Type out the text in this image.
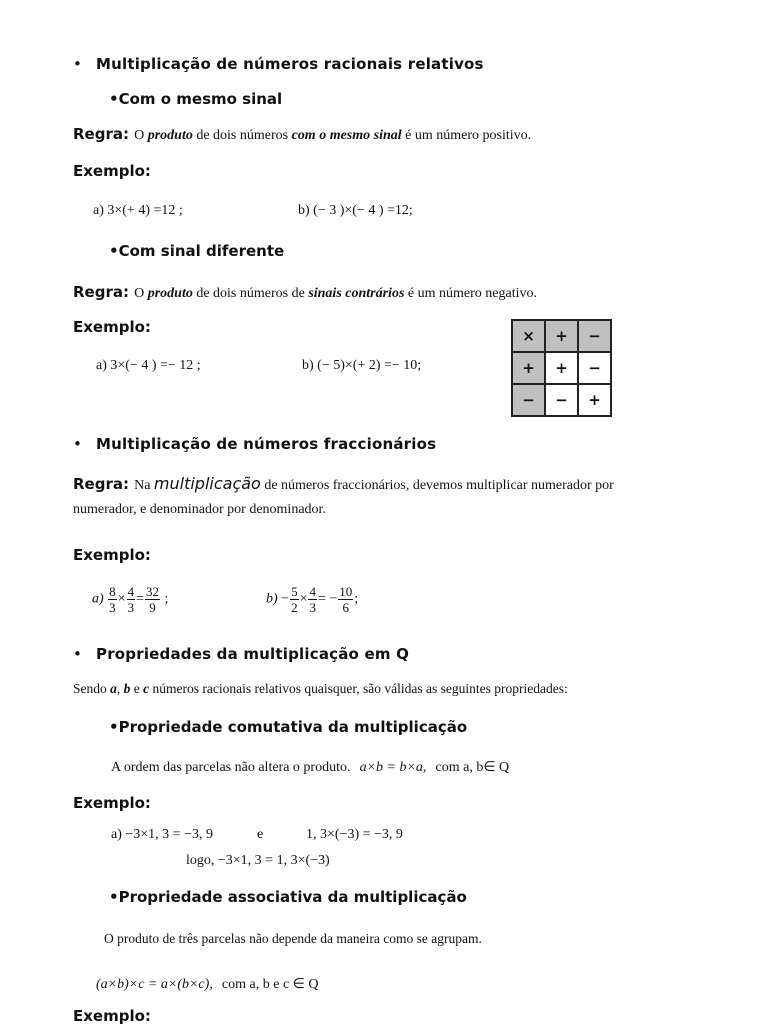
• Multiplicação de números racionais relativos
•Com o mesmo sinal
Regra: O produto de dois números com o mesmo sinal é um número positivo.
Exemplo:
a) 3×(+ 4) =12 ;	b) (− 3 )×(− 4 ) =12;
•Com sinal diferente
Regra: O produto de dois números de sinais contrários é um número negativo.
Exemplo:
a) 3×(− 4 ) =− 12 ;	b) (− 5)×(+ 2) =− 10;
×	+	−
+	+	−
−	−	+
• Multiplicação de números fraccionários
Regra: Na multiplicação de números fraccionários, devemos multiplicar numerador por
numerador, e denominador por denominador.
Exemplo:
$a) \frac{8}{3} \times \frac{4}{3} = \frac{32}{9}$ ;	$b) - \frac{5}{2} \times \frac{4}{3}$ = − $\frac{10}{6}$ ;
• Propriedades da multiplicação em Q
Sendo a, b e c números racionais relativos quaisquer, são válidas as seguintes propriedades:
•Propriedade comutativa da multiplicação
A ordem das parcelas não altera o produto. a×b = b×a, com a, b∈ Q
Exemplo:
a) −3×1, 3 = −3, 9	e	1, 3×(−3) = −3, 9
logo, −3×1, 3 = 1, 3×(−3)
•Propriedade associativa da multiplicação
O produto de três parcelas não depende da maneira como se agrupam.
(a×b)×c = a×(b×c), com a, b e c ∈ Q
Exemplo:
